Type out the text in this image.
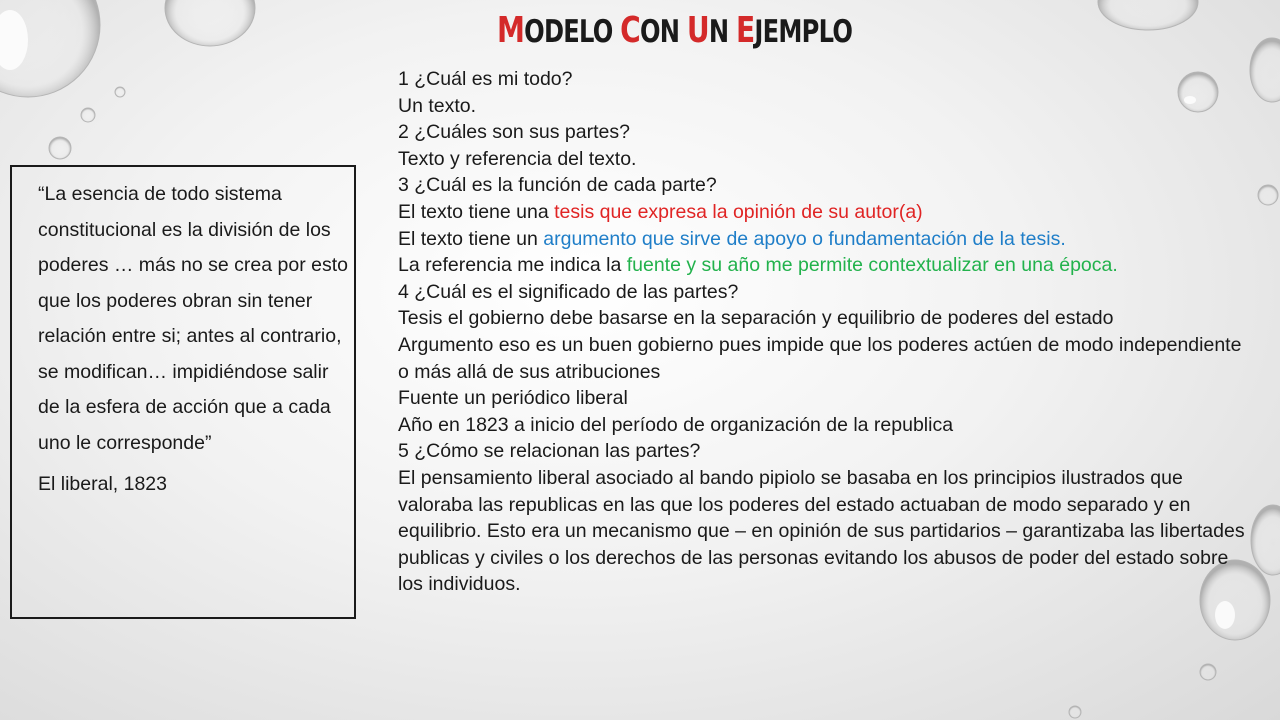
MODELO CON UN EJEMPLO

“La esencia de todo sistema constitucional es la división de los poderes … más no se crea por esto que los poderes obran sin tener relación entre si; antes al contrario, se modifican… impidiéndose salir de la esfera de acción que a cada uno le corresponde”

El liberal, 1823

1 ¿Cuál es mi todo?
Un texto.
2 ¿Cuáles son sus partes?
Texto y referencia del texto.
3 ¿Cuál es la función de cada parte?
El texto tiene una tesis que expresa la opinión de su autor(a)
El texto tiene un argumento que sirve de apoyo o fundamentación de la tesis.
La referencia me indica la fuente y su año me permite contextualizar en una época.
4 ¿Cuál es el significado de las partes?
Tesis el gobierno debe basarse en la separación y equilibrio de poderes del estado
Argumento eso es un buen gobierno pues impide que los poderes actúen de modo independiente o más allá de sus atribuciones
Fuente un periódico liberal
Año en 1823 a inicio del período de organización de la republica
5 ¿Cómo se relacionan las partes?
El pensamiento liberal asociado al bando pipiolo se basaba en los principios ilustrados que valoraba las republicas en las que los poderes del estado actuaban de modo separado y en equilibrio. Esto era un mecanismo que – en opinión de sus partidarios – garantizaba las libertades publicas y civiles o los derechos de las personas evitando los abusos de poder del estado sobre los individuos.
